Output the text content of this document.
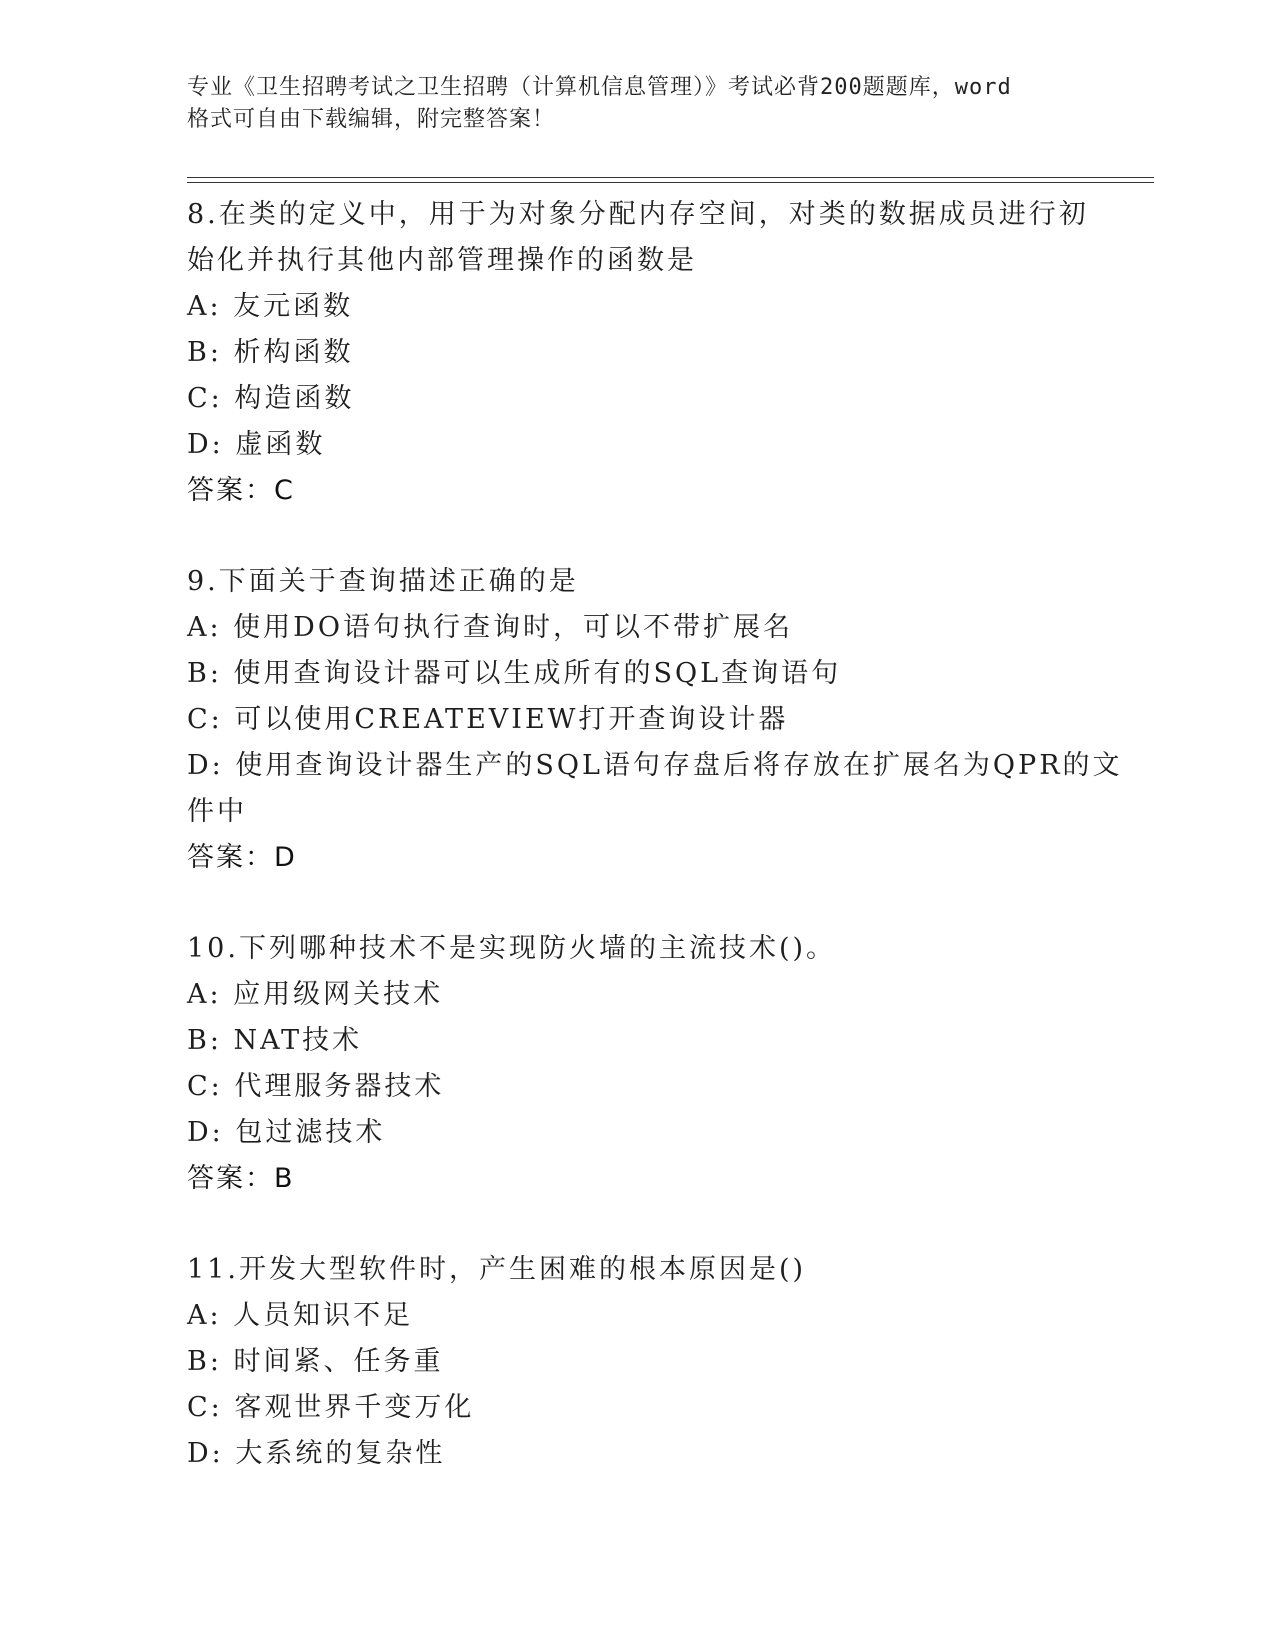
专业《卫生招聘考试之卫生招聘（计算机信息管理）》考试必背200题题库，word
格式可自由下载编辑，附完整答案！
8.在类的定义中，用于为对象分配内存空间，对类的数据成员进行初
始化并执行其他内部管理操作的函数是
A: 友元函数
B: 析构函数
C: 构造函数
D: 虚函数
答案：C
9.下面关于查询描述正确的是
A: 使用DO语句执行查询时，可以不带扩展名
B: 使用查询设计器可以生成所有的SQL查询语句
C: 可以使用CREATEVIEW打开查询设计器
D: 使用查询设计器生产的SQL语句存盘后将存放在扩展名为QPR的文
件中
答案：D
10.下列哪种技术不是实现防火墙的主流技术()。
A: 应用级网关技术
B: NAT技术
C: 代理服务器技术
D: 包过滤技术
答案：B
11.开发大型软件时，产生困难的根本原因是()
A: 人员知识不足
B: 时间紧、任务重
C: 客观世界千变万化
D: 大系统的复杂性
